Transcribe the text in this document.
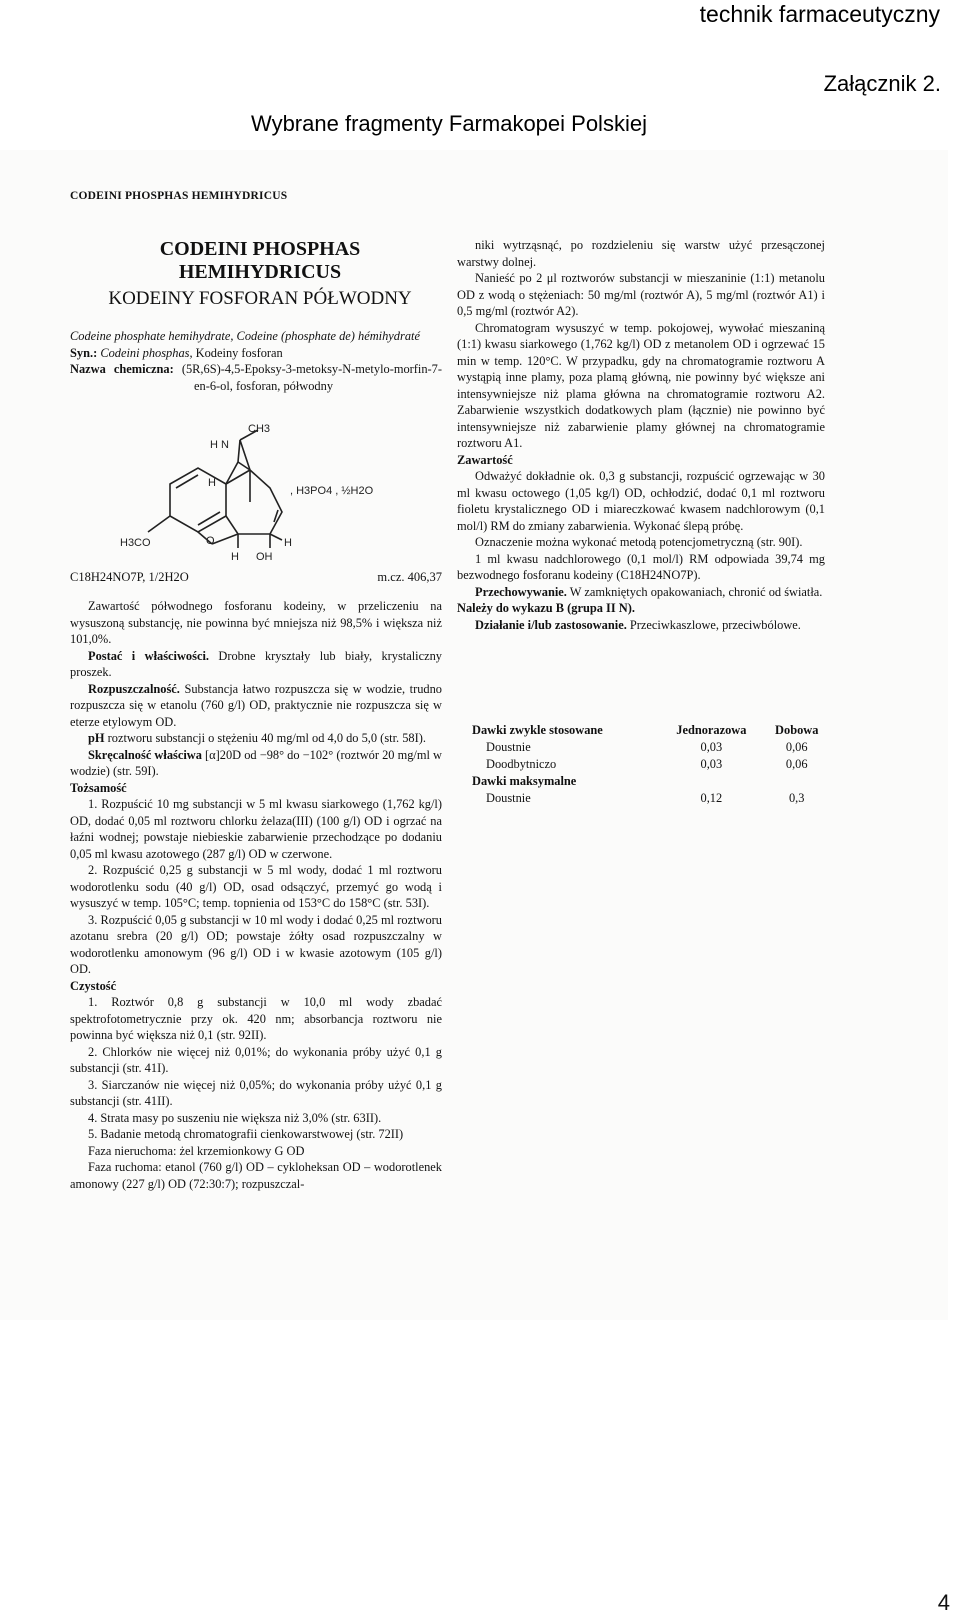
technik farmaceutyczny
Załącznik 2.
Wybrane fragmenty Farmakopei Polskiej
CODEINI PHOSPHAS HEMIHYDRICUS
CODEINI PHOSPHAS
HEMIHYDRICUS
KODEINY FOSFORAN PÓŁWODNY

Codeine phosphate hemihydrate, Codeine (phosphate de) hémihydraté

Syn.: Codeini phosphas, Kodeiny fosforan

Nazwa chemiczna: (5R,6S)-4,5-Epoksy-3-metoksy-N-metylo-morfin-7-en-6-ol, fosforan, półwodny

CH3
H N
H
, H3PO4 , ½H2O
H3CO	O
H OH
H
C18H24NO7P, 1/2H2O	m.cz. 406,37

Zawartość półwodnego fosforanu kodeiny, w przeliczeniu na wysuszoną substancję, nie powinna być mniejsza niż 98,5% i większa niż 101,0%.

Postać i właściwości. Drobne kryształy lub biały, krystaliczny proszek.

Rozpuszczalność. Substancja łatwo rozpuszcza się w wodzie, trudno rozpuszcza się w etanolu (760 g/l) OD, praktycznie nie rozpuszcza się w eterze etylowym OD.

pH roztworu substancji o stężeniu 40 mg/ml od 4,0 do 5,0 (str. 58I).

Skręcalność właściwa [α]20D od −98° do −102° (roztwór 20 mg/ml w wodzie) (str. 59I).

Tożsamość

1. Rozpuścić 10 mg substancji w 5 ml kwasu siarkowego (1,762 kg/l) OD, dodać 0,05 ml roztworu chlorku żelaza(III) (100 g/l) OD i ogrzać na łaźni wodnej; powstaje niebieskie zabarwienie przechodzące po dodaniu 0,05 ml kwasu azotowego (287 g/l) OD w czerwone.

2. Rozpuścić 0,25 g substancji w 5 ml wody, dodać 1 ml roztworu wodorotlenku sodu (40 g/l) OD, osad odsączyć, przemyć go wodą i wysuszyć w temp. 105°C; temp. topnienia od 153°C do 158°C (str. 53I).

3. Rozpuścić 0,05 g substancji w 10 ml wody i dodać 0,25 ml roztworu azotanu srebra (20 g/l) OD; powstaje żółty osad rozpuszczalny w wodorotlenku amonowym (96 g/l) OD i w kwasie azotowym (105 g/l) OD.

Czystość

1. Roztwór 0,8 g substancji w 10,0 ml wody zbadać spektrofotometrycznie przy ok. 420 nm; absorbancja roztworu nie powinna być większa niż 0,1 (str. 92II).

2. Chlorków nie więcej niż 0,01%; do wykonania próby użyć 0,1 g substancji (str. 41I).

3. Siarczanów nie więcej niż 0,05%; do wykonania próby użyć 0,1 g substancji (str. 41II).

4. Strata masy po suszeniu nie większa niż 3,0% (str. 63II).

5. Badanie metodą chromatografii cienkowarstwowej (str. 72II)

Faza nieruchoma: żel krzemionkowy G OD

Faza ruchoma: etanol (760 g/l) OD – cykloheksan OD – wodorotlenek amonowy (227 g/l) OD (72:30:7); rozpuszczal-

niki wytrząsnąć, po rozdzieleniu się warstw użyć przesączonej warstwy dolnej.

Nanieść po 2 μl roztworów substancji w mieszaninie (1:1) metanolu OD z wodą o stężeniach: 50 mg/ml (roztwór A), 5 mg/ml (roztwór A1) i 0,5 mg/ml (roztwór A2).

Chromatogram wysuszyć w temp. pokojowej, wywołać mieszaniną (1:1) kwasu siarkowego (1,762 kg/l) OD z metanolem OD i ogrzewać 15 min w temp. 120°C. W przypadku, gdy na chromatogramie roztworu A wystąpią inne plamy, poza plamą główną, nie powinny być większe ani intensywniejsze niż plama główna na chromatogramie roztworu A2. Zabarwienie wszystkich dodatkowych plam (łącznie) nie powinno być intensywniejsze niż zabarwienie plamy głównej na chromatogramie roztworu A1.

Zawartość

Odważyć dokładnie ok. 0,3 g substancji, rozpuścić ogrzewając w 30 ml kwasu octowego (1,05 kg/l) OD, ochłodzić, dodać 0,1 ml roztworu fioletu krystalicznego OD i miareczkować kwasem nadchlorowym (0,1 mol/l) RM do zmiany zabarwienia. Wykonać ślepą próbę.

Oznaczenie można wykonać metodą potencjometryczną (str. 90I).

1 ml kwasu nadchlorowego (0,1 mol/l) RM odpowiada 39,74 mg bezwodnego fosforanu kodeiny (C18H24NO7P).

Przechowywanie. W zamkniętych opakowaniach, chronić od światła.

Należy do wykazu B (grupa II N).

Działanie i/lub zastosowanie. Przeciwkaszlowe, przeciwbólowe.

Dawki zwykle stosowane	Jednorazowa	Dobowa
Doustnie	0,03	0,06
Doodbytniczo	0,03	0,06
Dawki maksymalne		
Doustnie	0,12	0,3
4
